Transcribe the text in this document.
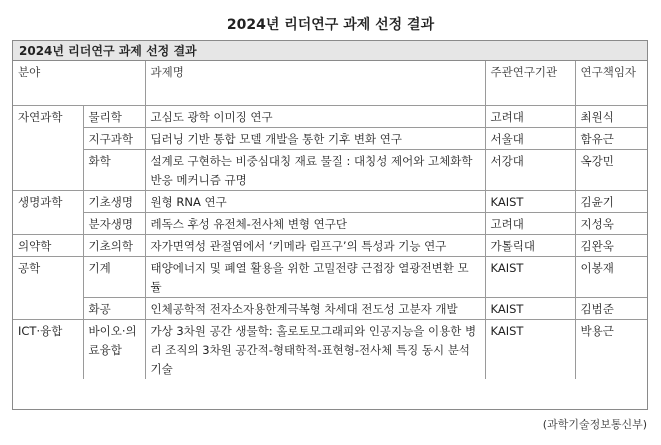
2024년 리더연구 과제 선정 결과
2024년 리더연구 과제 선정 결과
분야		과제명	주관연구기관	연구책임자
자연과학	물리학	고심도 광학 이미징 연구	고려대	최원식
	지구과학	딥러닝 기반 통합 모델 개발을 통한 기후 변화 연구	서울대	함유근
	화학	설계로 구현하는 비중심대칭 재료 물질 : 대칭성 제어와 고체화학 반응 메커니즘 규명	서강대	옥강민
생명과학	기초생명	원형 RNA 연구	KAIST	김윤기
	분자생명	레독스 후성 유전체-전사체 변형 연구단	고려대	지성욱
의약학	기초의학	자가면역성 관절염에서 ‘키메라 림프구’의 특성과 기능 연구	가톨릭대	김완욱
공학	기계	태양에너지 및 폐열 활용을 위한 고밀전량 근접장 열광전변환 모듈	KAIST	이봉재
	화공	인체공학적 전자소자용한계극복형 차세대 전도성 고분자 개발	KAIST	김범준
ICT·융합	바이오·의료융합	가상 3차원 공간 생물학: 홀로토모그래피와 인공지능을 이용한 병리 조직의 3차원 공간적-형태학적-표현형-전사체 특징 동시 분석 기술	KAIST	박용근
(과학기술정보통신부)
